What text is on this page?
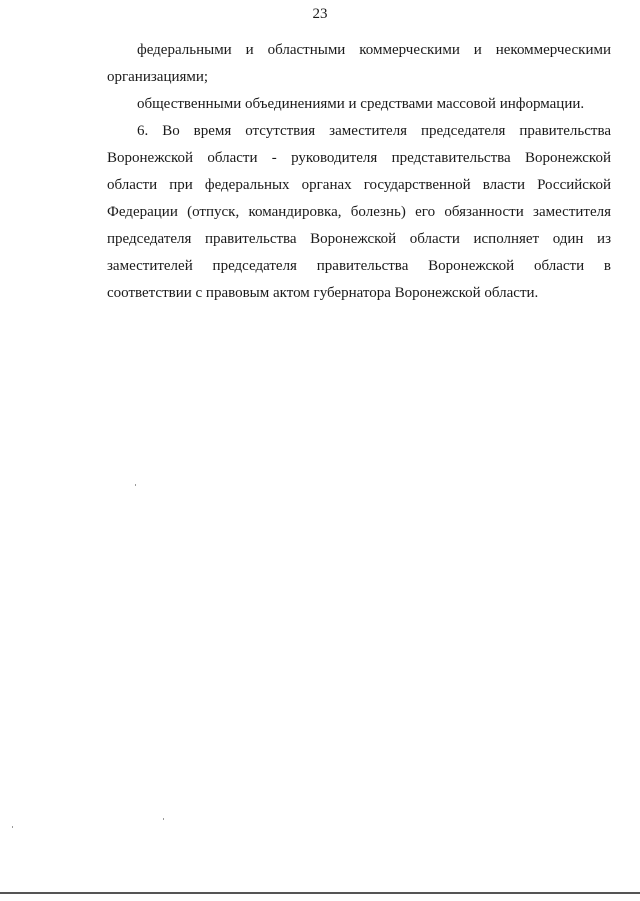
23

федеральными и областными коммерческими и некоммерческими организациями;

общественными объединениями и средствами массовой информации.

6. Во время отсутствия заместителя председателя правительства Воронежской области - руководителя представительства Воронежской области при федеральных органах государственной власти Российской Федерации (отпуск, командировка, болезнь) его обязанности заместителя председателя правительства Воронежской области исполняет один из заместителей председателя правительства Воронежской области в соответствии с правовым актом губернатора Воронежской области.
